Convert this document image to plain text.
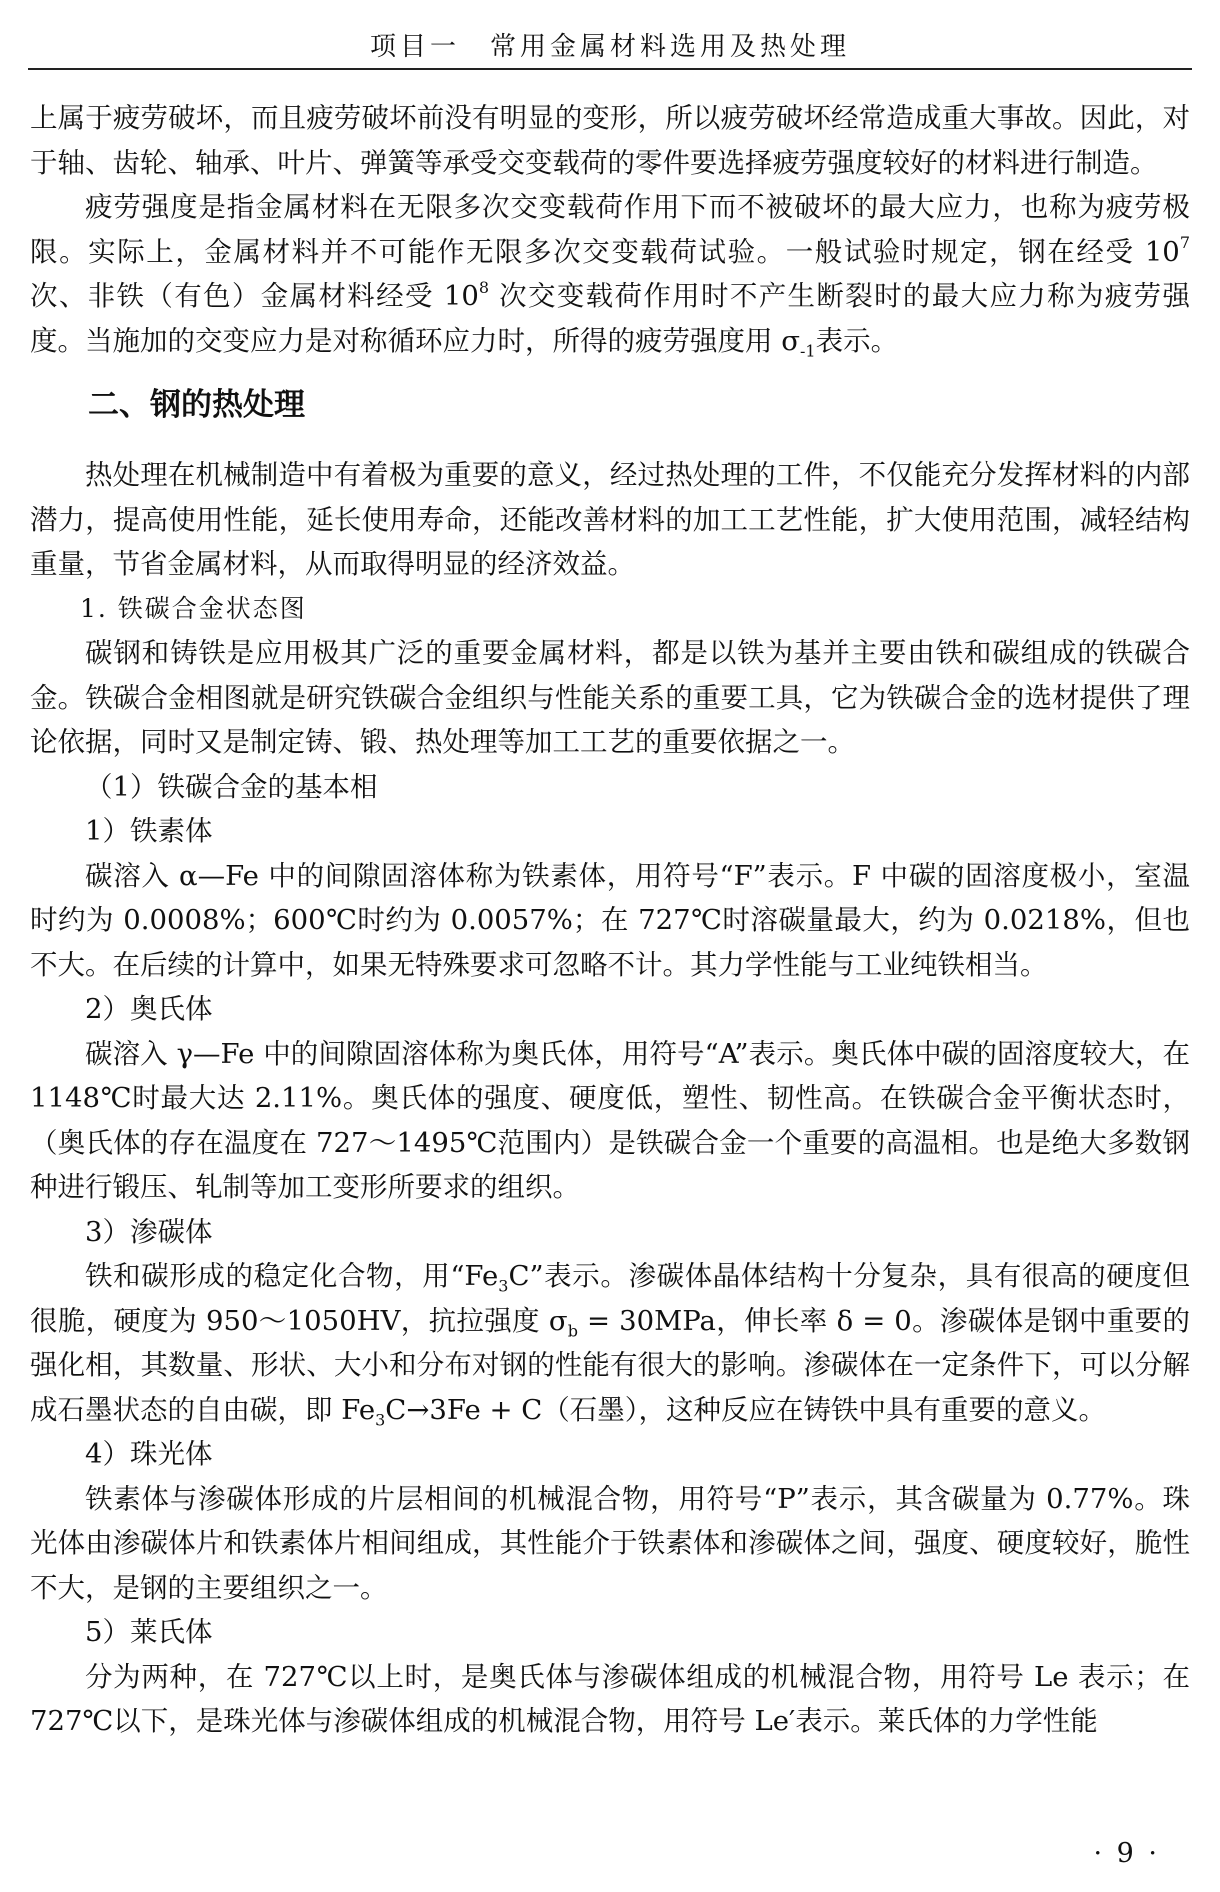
项目一　常用金属材料选用及热处理

上属于疲劳破坏，而且疲劳破坏前没有明显的变形，所以疲劳破坏经常造成重大事故。因此，对于轴、齿轮、轴承、叶片、弹簧等承受交变载荷的零件要选择疲劳强度较好的材料进行制造。

疲劳强度是指金属材料在无限多次交变载荷作用下而不被破坏的最大应力，也称为疲劳极限。实际上，金属材料并不可能作无限多次交变载荷试验。一般试验时规定，钢在经受 $10^7$ 次、非铁（有色）金属材料经受 $10^8$ 次交变载荷作用时不产生断裂时的最大应力称为疲劳强度。当施加的交变应力是对称循环应力时，所得的疲劳强度用 $\sigma_{-1}$表示。

二、钢的热处理

热处理在机械制造中有着极为重要的意义，经过热处理的工件，不仅能充分发挥材料的内部潜力，提高使用性能，延长使用寿命，还能改善材料的加工工艺性能，扩大使用范围，减轻结构重量，节省金属材料，从而取得明显的经济效益。

1. 铁碳合金状态图

碳钢和铸铁是应用极其广泛的重要金属材料，都是以铁为基并主要由铁和碳组成的铁碳合金。铁碳合金相图就是研究铁碳合金组织与性能关系的重要工具，它为铁碳合金的选材提供了理论依据，同时又是制定铸、锻、热处理等加工工艺的重要依据之一。

（1）铁碳合金的基本相

1）铁素体

碳溶入 α—Fe 中的间隙固溶体称为铁素体，用符号“F”表示。F 中碳的固溶度极小，室温时约为 0.0008%；600℃时约为 0.0057%；在 727℃时溶碳量最大，约为 0.0218%，但也不大。在后续的计算中，如果无特殊要求可忽略不计。其力学性能与工业纯铁相当。

2）奥氏体

碳溶入 γ—Fe 中的间隙固溶体称为奥氏体，用符号“A”表示。奥氏体中碳的固溶度较大，在 1148℃时最大达 2.11%。奥氏体的强度、硬度低，塑性、韧性高。在铁碳合金平衡状态时，（奥氏体的存在温度在 727～1495℃范围内）是铁碳合金一个重要的高温相。也是绝大多数钢种进行锻压、轧制等加工变形所要求的组织。

3）渗碳体

铁和碳形成的稳定化合物，用“$Fe_3C$”表示。渗碳体晶体结构十分复杂，具有很高的硬度但很脆，硬度为 950～1050HV，抗拉强度 $\sigma_b = 30MPa$，伸长率 δ = 0。渗碳体是钢中重要的强化相，其数量、形状、大小和分布对钢的性能有很大的影响。渗碳体在一定条件下，可以分解成石墨状态的自由碳，即 $Fe_3C\to 3Fe + C$（石墨），这种反应在铸铁中具有重要的意义。

4）珠光体

铁素体与渗碳体形成的片层相间的机械混合物，用符号“P”表示，其含碳量为 0.77%。珠光体由渗碳体片和铁素体片相间组成，其性能介于铁素体和渗碳体之间，强度、硬度较好，脆性不大，是钢的主要组织之一。

5）莱氏体

分为两种，在 727℃以上时，是奥氏体与渗碳体组成的机械混合物，用符号 Le 表示；在 727℃以下，是珠光体与渗碳体组成的机械混合物，用符号 Le′表示。莱氏体的力学性能

· 9 ·
